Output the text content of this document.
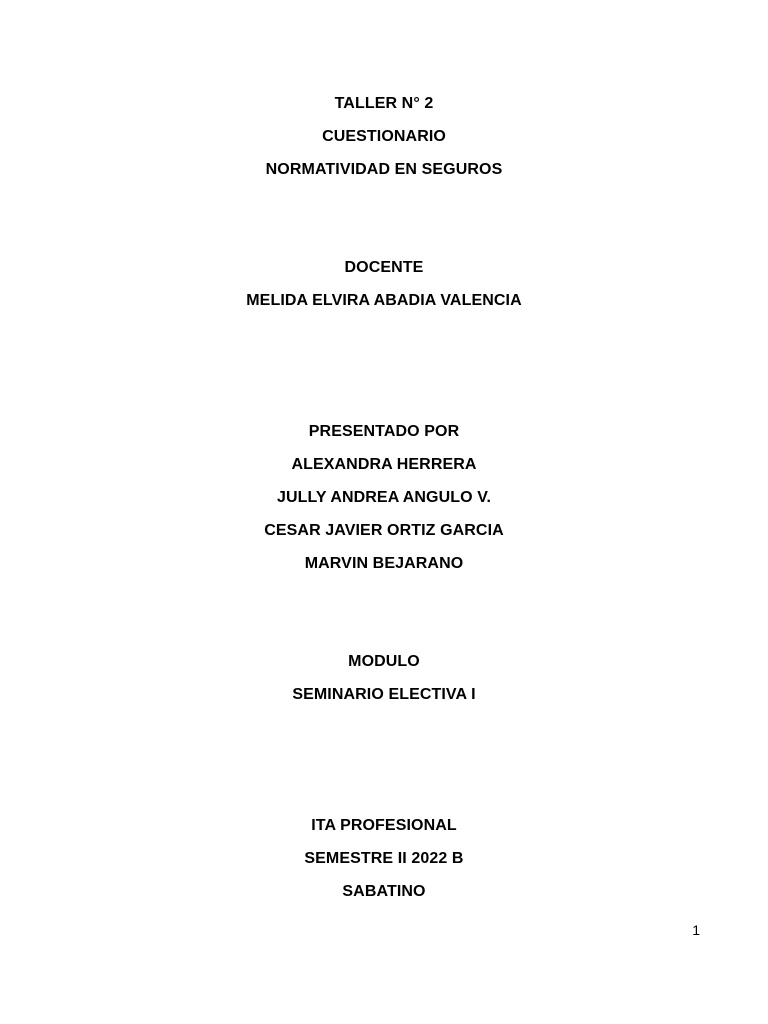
TALLER N° 2
CUESTIONARIO
NORMATIVIDAD EN SEGUROS
DOCENTE
MELIDA ELVIRA ABADIA VALENCIA
PRESENTADO POR
ALEXANDRA HERRERA
JULLY ANDREA ANGULO V.
CESAR JAVIER ORTIZ GARCIA
MARVIN BEJARANO
MODULO
SEMINARIO ELECTIVA I
ITA PROFESIONAL
SEMESTRE II 2022 B
SABATINO
1
